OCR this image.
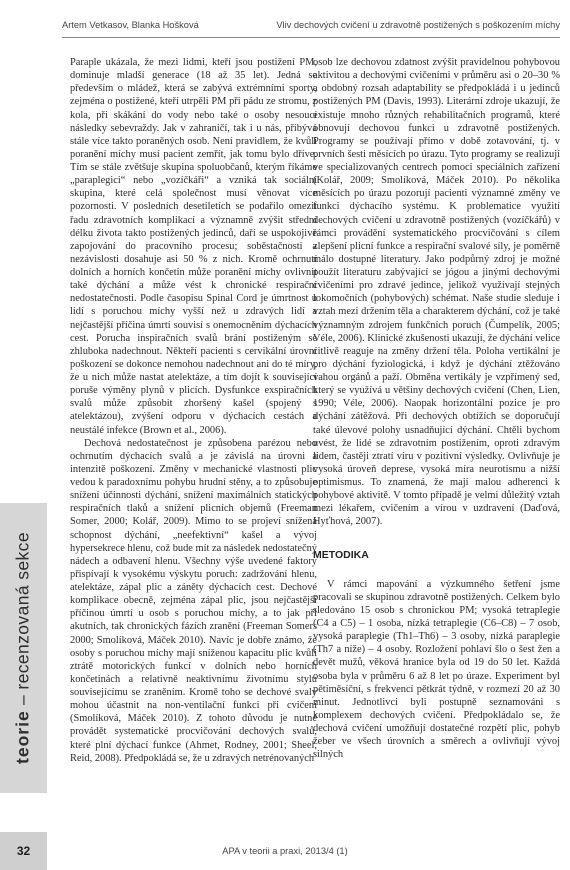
teorie – recenzovaná sekce
32
Artem Vetkasov, Blanka Hošková	Vliv dechových cvičení u zdravotně postižených s poškozením míchy

Paraple ukázala, že mezi lidmi, kteří jsou postižení PM, dominuje mladší generace (18 až 35 let). Jedná se především o mládež, která se zabývá extrémními sporty, zejména o postižené, kteří utrpěli PM při pádu ze stromu, z kola, při skákání do vody nebo také o osoby nesoucí následky sebevraždy. Jak v zahraničí, tak i u nás, přibývá stále více takto poraněných osob. Není pravidlem, že kvůli poranění míchy musí pacient zemřít, jak tomu bylo dříve. Tím se stále zvětšuje skupina spoluobčanů, kterým říkáme „paraplegici“ nebo „vozíčkáři“ a vzniká tak sociální skupina, které celá společnost musí věnovat více pozornosti. V posledních desetiletích se podařilo omezit řadu zdravotních komplikací a významně zvýšit střední délku života takto postižených jedinců, daří se uspokojivě zapojování do pracovního procesu; soběstačnosti a nezávislosti dosahuje asi 50 % z nich. Kromě ochrnutí dolních a horních končetin může poranění míchy ovlivnit také dýchání a může vést k chronické respirační nedostatečnosti. Podle časopisu Spinal Cord je úmrtnost u lidí s poruchou míchy vyšší než u zdravých lidí a nejčastější příčina úmrtí souvisí s onemocněním dýchacích cest. Porucha inspiračních svalů brání postiženým se zhluboka nadechnout. Někteří pacienti s cervikální úrovní poškození se dokonce nemohou nadechnout ani do té míry, že u nich může nastat atelektáze, a tím dojít k související poruše výměny plynů v plicích. Dysfunkce exspiračních svalů může způsobit zhoršený kašel (spojený s atelektázou), zvýšení odporu v dýchacích cestách a neustálé infekce (Brown et al., 2006).

Dechová nedostatečnost je způsobena parézou nebo ochrnutím dýchacích svalů a je závislá na úrovni a intenzitě poškození. Změny v mechanické vlastnosti plic vedou k paradoxnímu pohybu hrudní stěny, a to způsobuje snížení účinnosti dýchání, snížení maximálních statických respiračních tlaků a snížení plicních objemů (Freeman Somer, 2000; Kolář, 2009). Mimo to se projeví snížená schopnost dýchání, „neefektivní“ kašel a vývoj hypersekrece hlenu, což bude mít za následek nedostatečný nádech a odbavení hlenu. Všechny výše uvedené faktory přispívají k vysokému výskytu poruch: zadržování hlenu, atelektáze, zápal plic a záněty dýchacích cest. Dechové komplikace obecně, zejména zápal plic, jsou nejčastější příčinou úmrtí u osob s poruchou míchy, a to jak při akutních, tak chronických fázích zranění (Freeman Somers 2000; Smolíková, Máček 2010). Navíc je dobře známo, že osoby s poruchou míchy mají sníženou kapacitu plic kvůli ztrátě motorických funkcí v dolních nebo horních končetinách a relativně neaktivnímu životnímu stylu souvisejícímu se zraněním. Kromě toho se dechové svaly mohou účastnit na non-ventilační funkci při cvičení (Smolíková, Máček 2010). Z tohoto důvodu je nutné provádět systematické procvičování dechových svalů, které plní dýchací funkce (Ahmet, Rodney, 2001; Sheel, Reid, 2008). Předpokládá se, že u zdravých netrénovaných

osob lze dechovou zdatnost zvýšit pravidelnou pohybovou aktivitou a dechovými cvičeními v průměru asi o 20–30 % a obdobný rozsah adaptability se předpokládá i u jedinců postižených PM (Davis, 1993). Literární zdroje ukazují, že existuje mnoho různých rehabilitačních programů, které obnovují dechovou funkci u zdravotně postižených. Programy se používají přímo v době zotavování, tj. v prvních šesti měsících po úrazu. Tyto programy se realizují ve specializovaných centrech pomoci speciálních zařízení (Kolář, 2009; Smolíková, Máček 2010). Po několika měsících po úrazu pozorují pacienti významné změny ve funkci dýchacího systému. K problematice využití dechových cvičení u zdravotně postižených (vozíčkářů) v rámci provádění systematického procvičování s cílem zlepšení plicní funkce a respirační svalové síly, je poměrně málo dostupné literatury. Jako podpůrný zdroj je možné použít literaturu zabývající se jógou a jinými dechovými cvičeními pro zdravé jedince, jelikož využívají stejných lokomočních (pohybových) schémat. Naše studie sleduje i vztah mezi držením těla a charakterem dýchání, což je také významným zdrojem funkčních poruch (Čumpelík, 2005; Véle, 2006). Klinické zkušenosti ukazují, že dýchání velice citlivě reaguje na změny držení těla. Poloha vertikální je pro dýchání fyziologická, i když je dýchání ztěžováno vahou orgánů a paží. Obměna vertikály je vzpřímený sed, který se využívá u většiny dechových cvičení (Chen, Lien, 1990; Véle, 2006). Naopak horizontální pozice je pro dýchání zátěžová. Při dechových obtížích se doporučují také úlevové polohy usnadňující dýchání. Chtěli bychom uvést, že lidé se zdravotním postižením, oproti zdravým lidem, častěji ztratí víru v pozitivní výsledky. Ovlivňuje je vysoká úroveň deprese, vysoká míra neurotismu a nižší optimismus. To znamená, že mají malou adherenci k pohybové aktivitě. V tomto případě je velmi důležitý vztah mezi lékařem, cvičením a vírou v uzdravení (Daďová, Hyťhová, 2007).

METODIKA

V rámci mapování a výzkumného šetření jsme pracovali se skupinou zdravotně postižených. Celkem bylo sledováno 15 osob s chronickou PM; vysoká tetraplegie (C4 a C5) – 1 osoba, nízká tetraplegie (C6–C8) – 7 osob, vysoká paraplegie (Th1–Th6) – 3 osoby, nízká paraplegie (Th7 a níže) – 4 osoby. Rozložení pohlaví šlo o šest žen a devět mužů, věková hranice byla od 19 do 50 let. Každá osoba byla v průměru 6 až 8 let po úraze. Experiment byl pětiměsíční, s frekvencí pětkrát týdně, v rozmezí 20 až 30 minut. Jednotlivci byli postupně seznamováni s komplexem dechových cvičení. Předpokládalo se, že dechová cvičení umožňují dostatečné rozpětí plic, pohyb žeber ve všech úrovních a směrech a ovlivňují vývoj silných

APA v teorii a praxi, 2013/4 (1)
